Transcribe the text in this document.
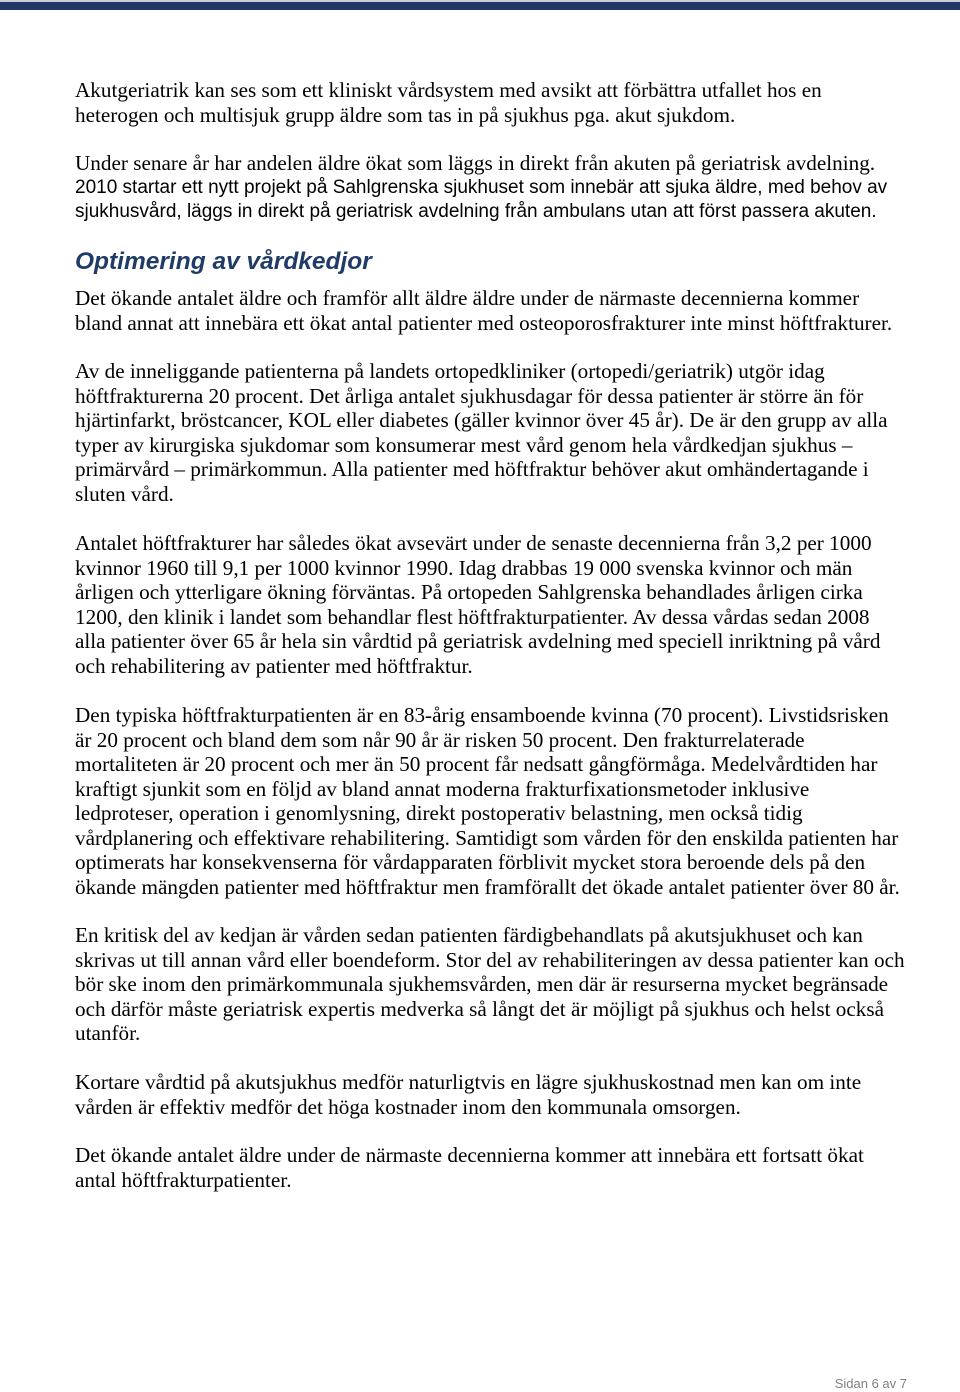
Akutgeriatrik kan ses som ett kliniskt vårdsystem med avsikt att förbättra utfallet hos en
heterogen och multisjuk grupp äldre som tas in på sjukhus pga. akut sjukdom.
Under senare år har andelen äldre ökat som läggs in direkt från akuten på geriatrisk avdelning.
2010 startar ett nytt projekt på Sahlgrenska sjukhuset som innebär att sjuka äldre, med behov av
sjukhusvård, läggs in direkt på geriatrisk avdelning från ambulans utan att först passera akuten.
Optimering av vårdkedjor
Det ökande antalet äldre och framför allt äldre äldre under de närmaste decennierna kommer
bland annat att innebära ett ökat antal patienter med osteoporosfrakturer inte minst höftfrakturer.
Av de inneliggande patienterna på landets ortopedkliniker (ortopedi/geriatrik) utgör idag
höftfrakturerna 20 procent. Det årliga antalet sjukhusdagar för dessa patienter är större än för
hjärtinfarkt, bröstcancer, KOL eller diabetes (gäller kvinnor över 45 år). De är den grupp av alla
typer av kirurgiska sjukdomar som konsumerar mest vård genom hela vårdkedjan sjukhus –
primärvård – primärkommun. Alla patienter med höftfraktur behöver akut omhändertagande i
sluten vård.
Antalet höftfrakturer har således ökat avsevärt under de senaste decennierna från 3,2 per 1000
kvinnor 1960 till 9,1 per 1000 kvinnor 1990. Idag drabbas 19 000 svenska kvinnor och män
årligen och ytterligare ökning förväntas. På ortopeden Sahlgrenska behandlades årligen cirka
1200, den klinik i landet som behandlar flest höftfrakturpatienter. Av dessa vårdas sedan 2008
alla patienter över 65 år hela sin vårdtid på geriatrisk avdelning med speciell inriktning på vård
och rehabilitering av patienter med höftfraktur.
Den typiska höftfrakturpatienten är en 83-årig ensamboende kvinna (70 procent). Livstidsrisken
är 20 procent och bland dem som når 90 år är risken 50 procent. Den frakturrelaterade
mortaliteten är 20 procent och mer än 50 procent får nedsatt gångförmåga. Medelvårdtiden har
kraftigt sjunkit som en följd av bland annat moderna frakturfixationsmetoder inklusive
ledproteser, operation i genomlysning, direkt postoperativ belastning, men också tidig
vårdplanering och effektivare rehabilitering. Samtidigt som vården för den enskilda patienten har
optimerats har konsekvenserna för vårdapparaten förblivit mycket stora beroende dels på den
ökande mängden patienter med höftfraktur men framförallt det ökade antalet patienter över 80 år.
En kritisk del av kedjan är vården sedan patienten färdigbehandlats på akutsjukhuset och kan
skrivas ut till annan vård eller boendeform. Stor del av rehabiliteringen av dessa patienter kan och
bör ske inom den primärkommunala sjukhemsvården, men där är resurserna mycket begränsade
och därför måste geriatrisk expertis medverka så långt det är möjligt på sjukhus och helst också
utanför.
Kortare vårdtid på akutsjukhus medför naturligtvis en lägre sjukhuskostnad men kan om inte
vården är effektiv medför det höga kostnader inom den kommunala omsorgen.
Det ökande antalet äldre under de närmaste decennierna kommer att innebära ett fortsatt ökat
antal höftfrakturpatienter.
Sidan 6 av 7
